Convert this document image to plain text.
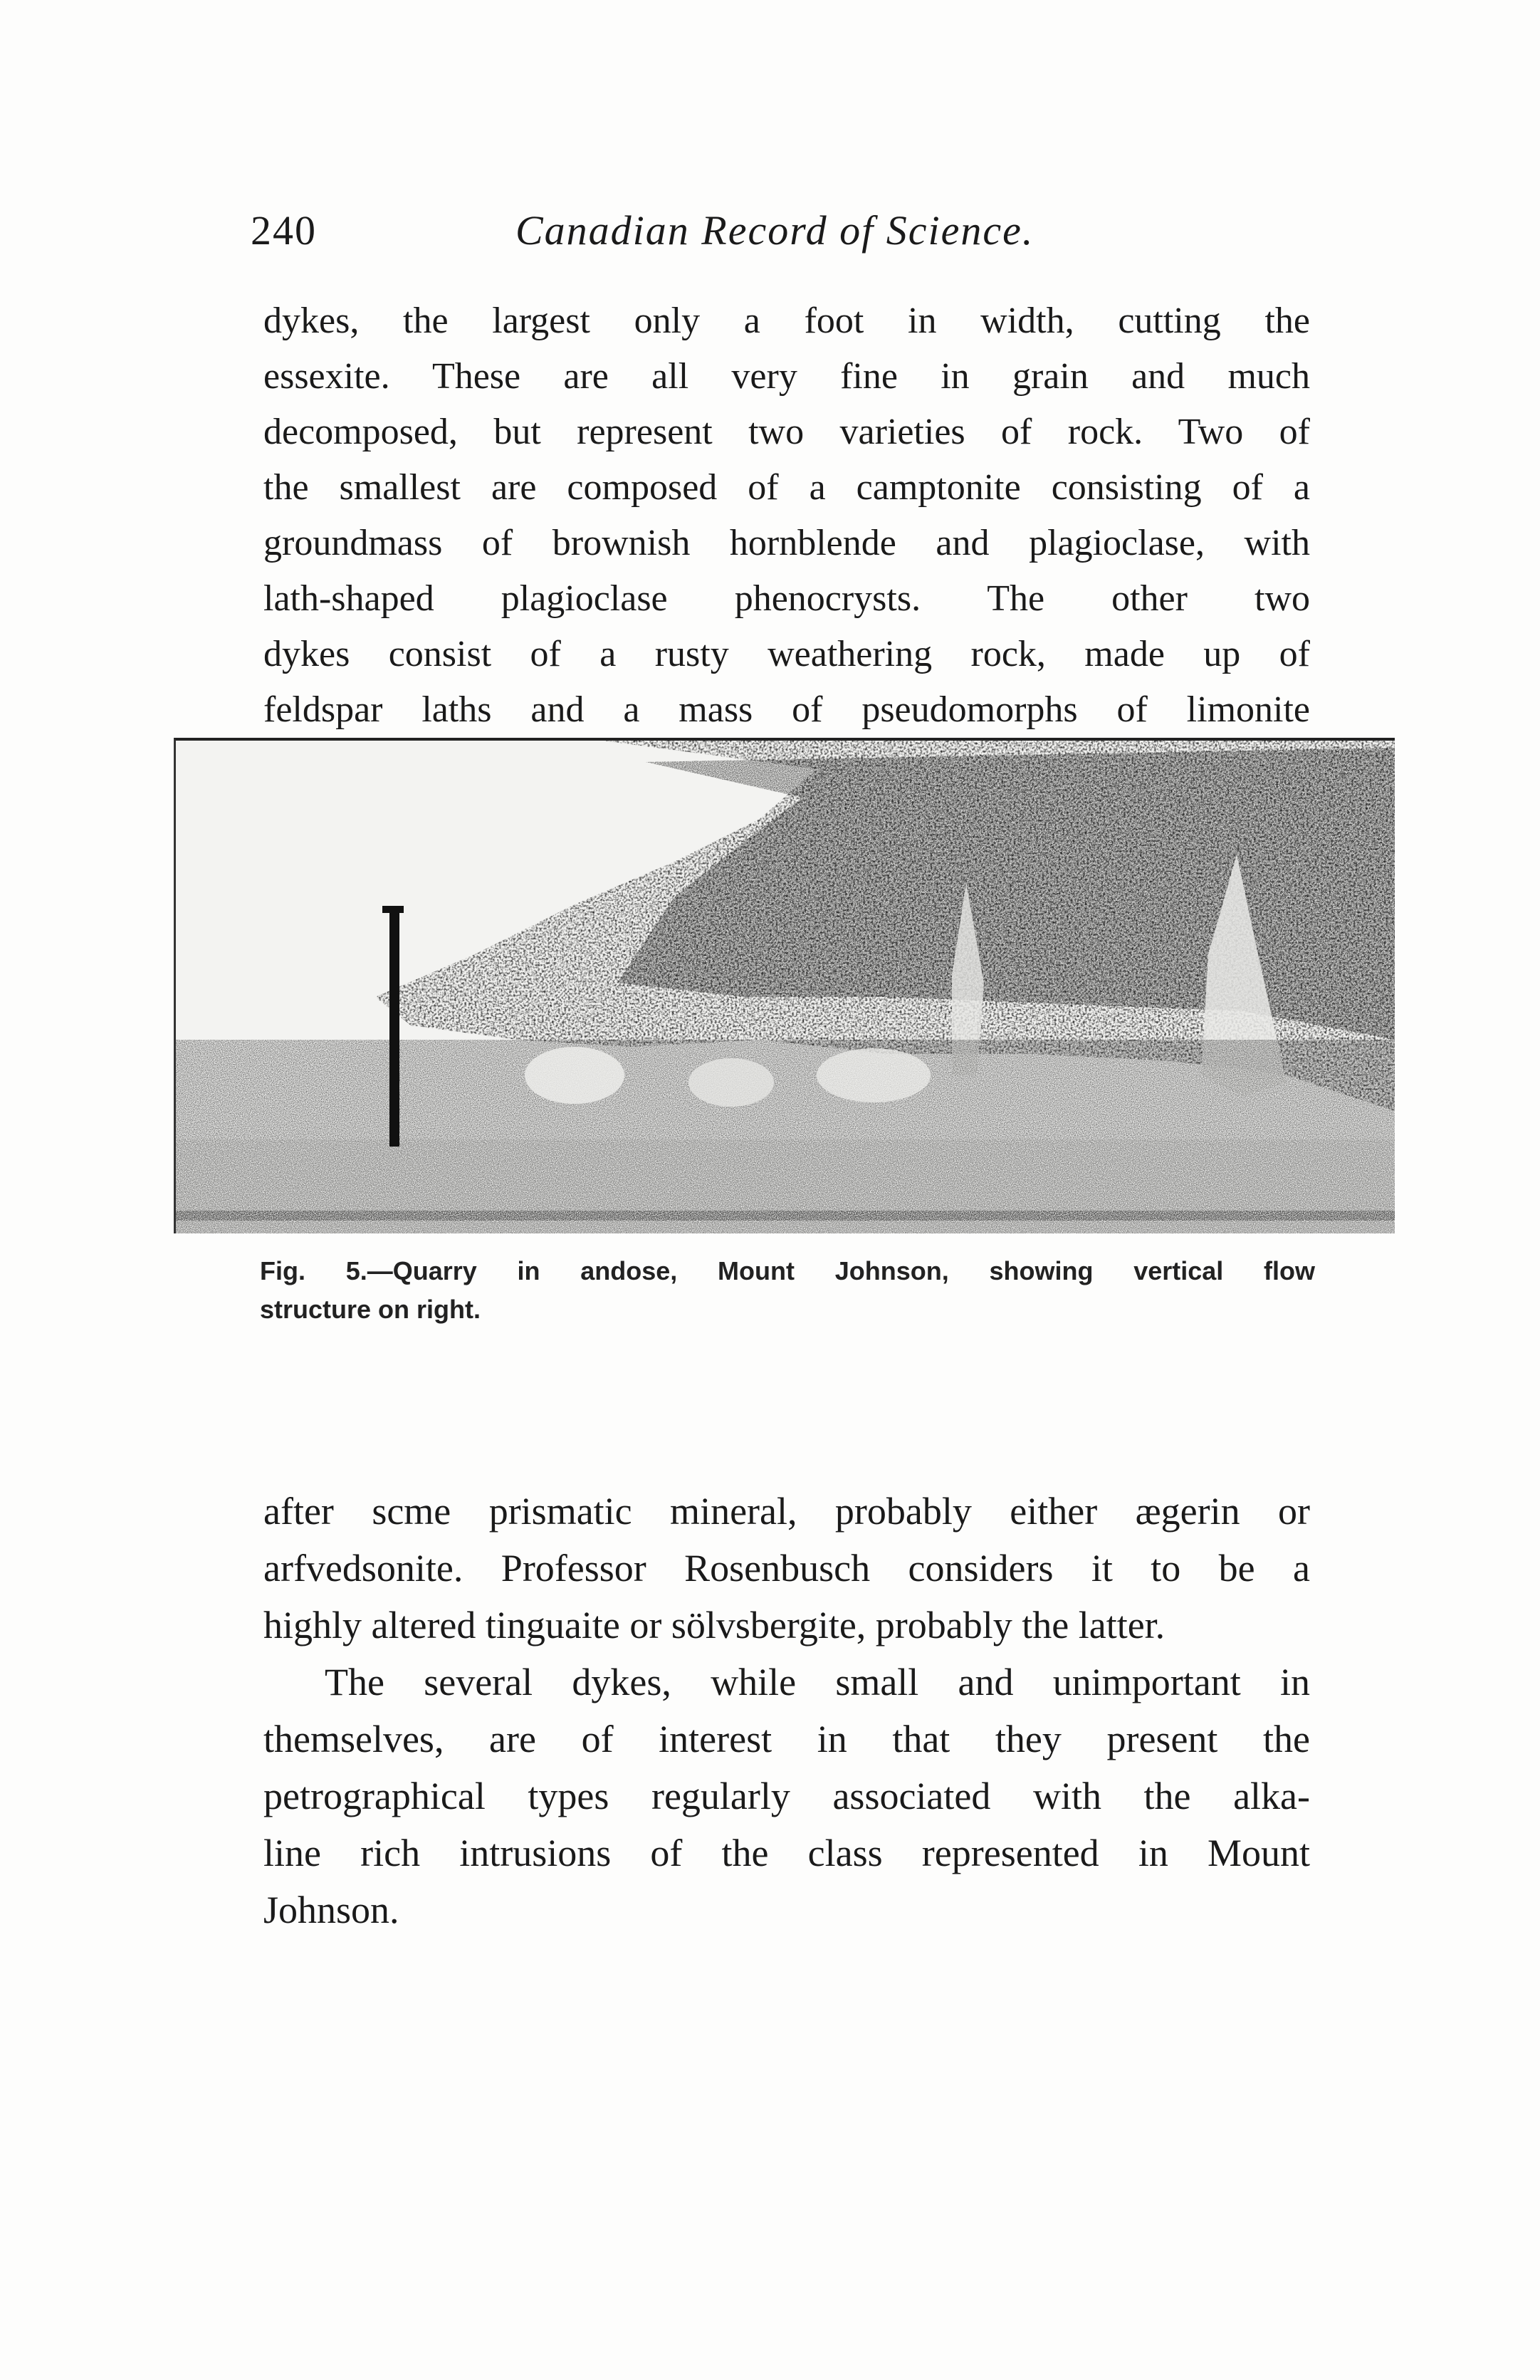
240	Canadian Record of Science.
dykes, the largest only a foot in width, cutting the
essexite. These are all very fine in grain and much
decomposed, but represent two varieties of rock. Two of
the smallest are composed of a camptonite consisting of a
groundmass of brownish hornblende and plagioclase, with
lath-shaped plagioclase phenocrysts. The other two
dykes consist of a rusty weathering rock, made up of
feldspar laths and a mass of pseudomorphs of limonite
Fig. 5.—Quarry in andose, Mount Johnson, showing vertical flow
structure on right.
after scme prismatic mineral, probably either ægerin or
arfvedsonite. Professor Rosenbusch considers it to be a
highly altered tinguaite or sölvsbergite, probably the latter.
The several dykes, while small and unimportant in
themselves, are of interest in that they present the
petrographical types regularly associated with the alka-
line rich intrusions of the class represented in Mount
Johnson.
